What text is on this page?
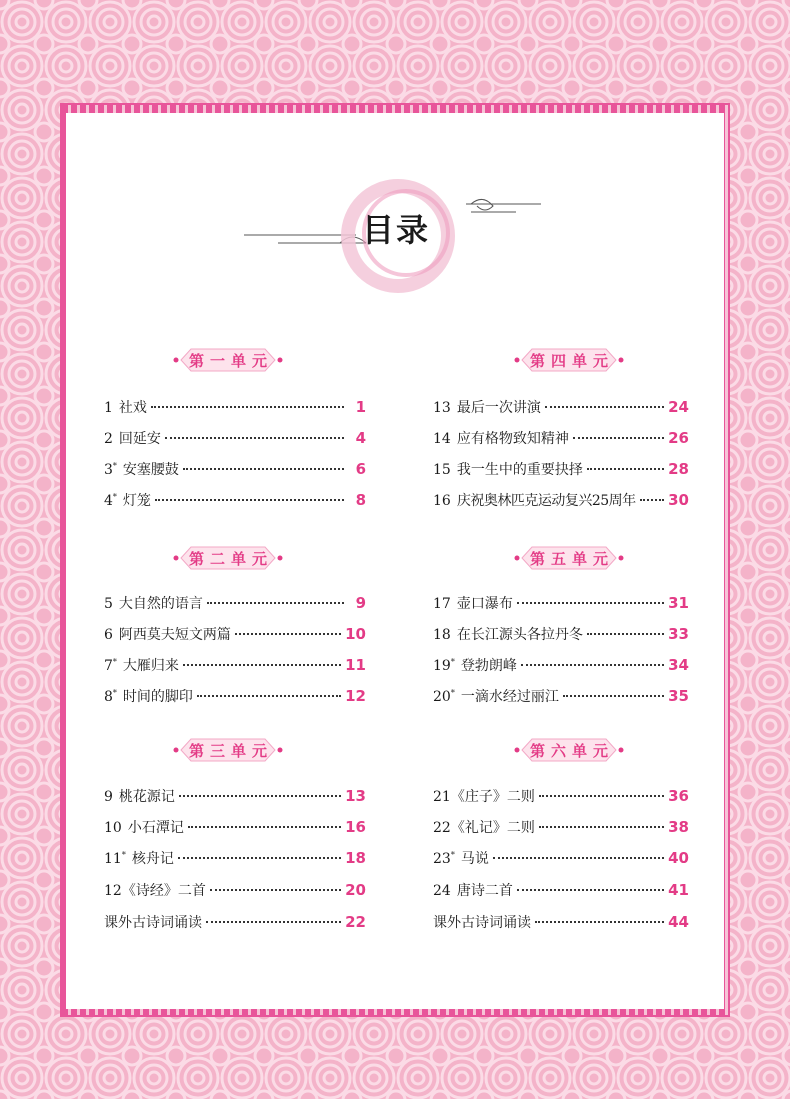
目录
第一单元
1 社戏	1
2 回延安	4
3* 安塞腰鼓	6
4* 灯笼	8
第二单元
5 大自然的语言	9
6 阿西莫夫短文两篇	10
7* 大雁归来	11
8* 时间的脚印	12
第三单元
9 桃花源记	13
10 小石潭记	16
11* 核舟记	18
12 《诗经》二首	20
课外古诗词诵读	22
第四单元
13 最后一次讲演	24
14 应有格物致知精神	26
15 我一生中的重要抉择	28
16 庆祝奥林匹克运动复兴25周年 30
第五单元
17 壶口瀑布	31
18 在长江源头各拉丹冬	33
19* 登勃朗峰	34
20* 一滴水经过丽江	35
第六单元
21 《庄子》二则	36
22 《礼记》二则	38
23* 马说	40
24 唐诗二首	41
课外古诗词诵读	44
